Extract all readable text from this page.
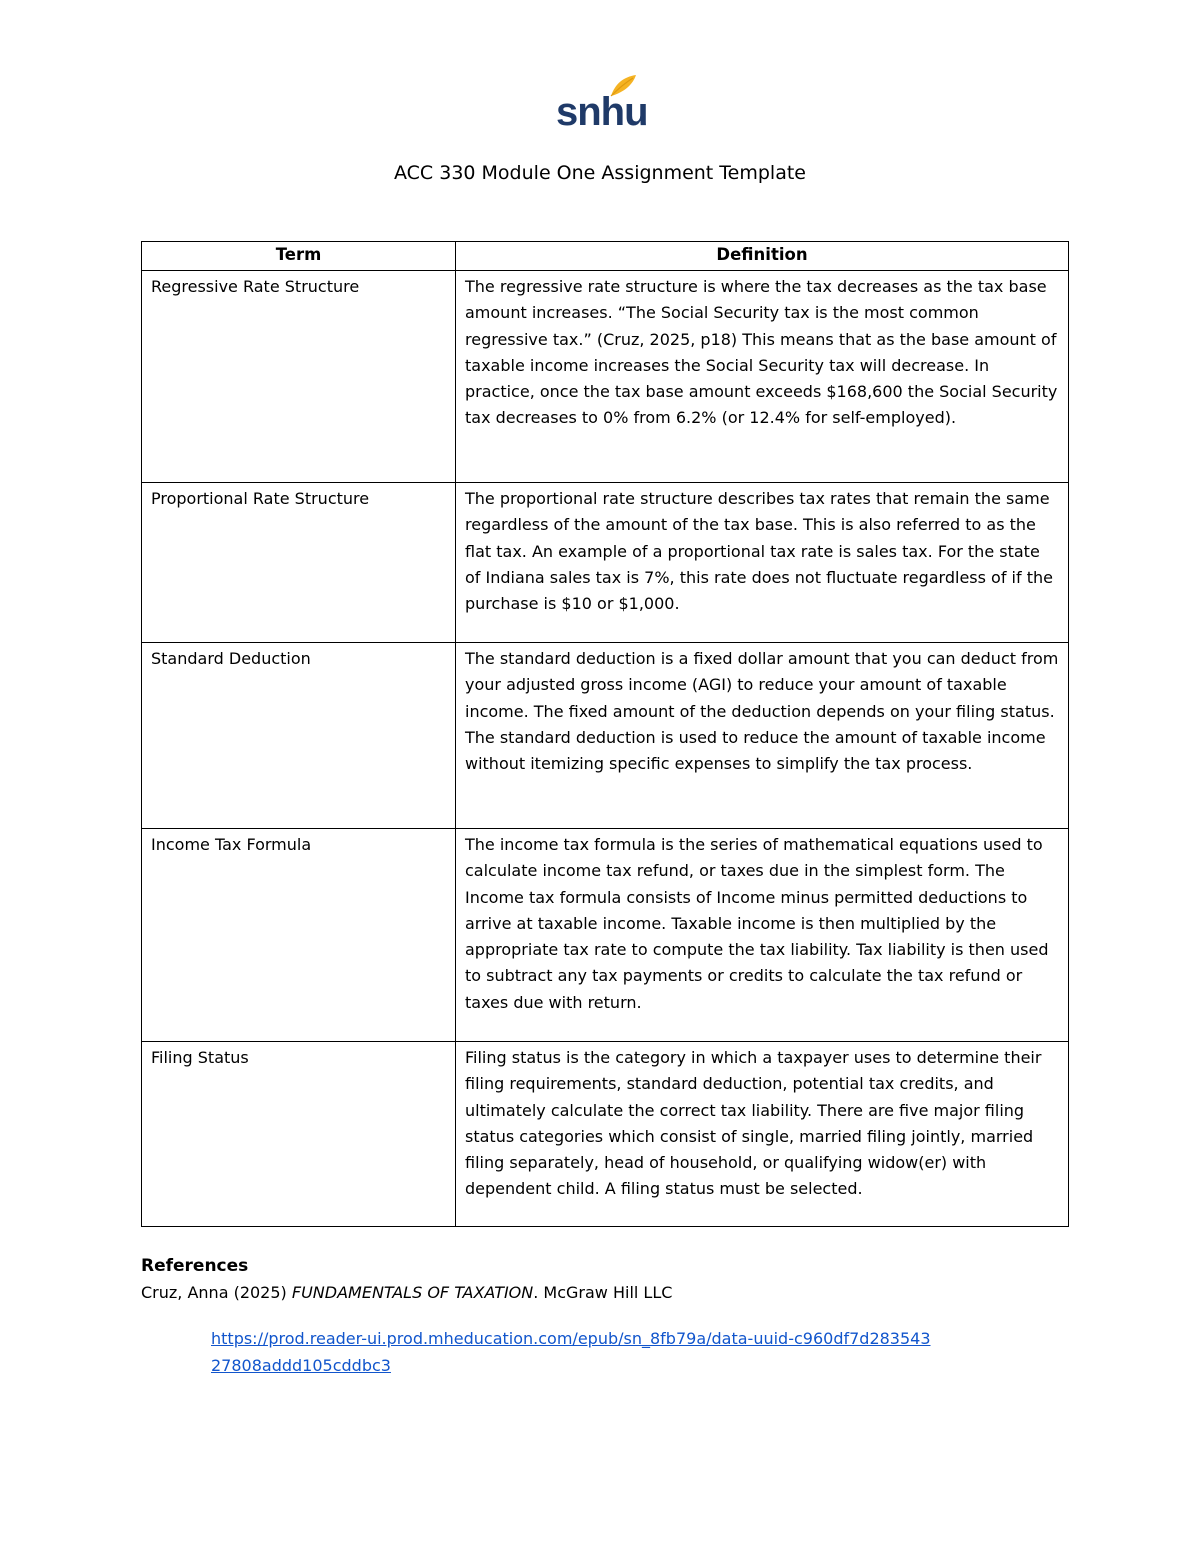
snhu
ACC 330 Module One Assignment Template
Term	Definition
Regressive Rate Structure	The regressive rate structure is where the tax decreases as the tax base amount increases. “The Social Security tax is the most common regressive tax.” (Cruz, 2025, p18) This means that as the base amount of taxable income increases the Social Security tax will decrease. In practice, once the tax base amount exceeds $168,600 the Social Security tax decreases to 0% from 6.2% (or 12.4% for self-employed).
Proportional Rate Structure	The proportional rate structure describes tax rates that remain the same regardless of the amount of the tax base. This is also referred to as the flat tax. An example of a proportional tax rate is sales tax. For the state of Indiana sales tax is 7%, this rate does not fluctuate regardless of if the purchase is $10 or $1,000.
Standard Deduction	The standard deduction is a fixed dollar amount that you can deduct from your adjusted gross income (AGI) to reduce your amount of taxable income. The fixed amount of the deduction depends on your filing status. The standard deduction is used to reduce the amount of taxable income without itemizing specific expenses to simplify the tax process.
Income Tax Formula	The income tax formula is the series of mathematical equations used to calculate income tax refund, or taxes due in the simplest form. The Income tax formula consists of Income minus permitted deductions to arrive at taxable income. Taxable income is then multiplied by the appropriate tax rate to compute the tax liability. Tax liability is then used to subtract any tax payments or credits to calculate the tax refund or taxes due with return.
Filing Status	Filing status is the category in which a taxpayer uses to determine their filing requirements, standard deduction, potential tax credits, and ultimately calculate the correct tax liability. There are five major filing status categories which consist of single, married filing jointly, married filing separately, head of household, or qualifying widow(er) with dependent child. A filing status must be selected.
References
Cruz, Anna (2025) FUNDAMENTALS OF TAXATION. McGraw Hill LLC
https://prod.reader-ui.prod.mheducation.com/epub/sn_8fb79a/data-uuid-c960df7d28354327808addd105cddbc3
